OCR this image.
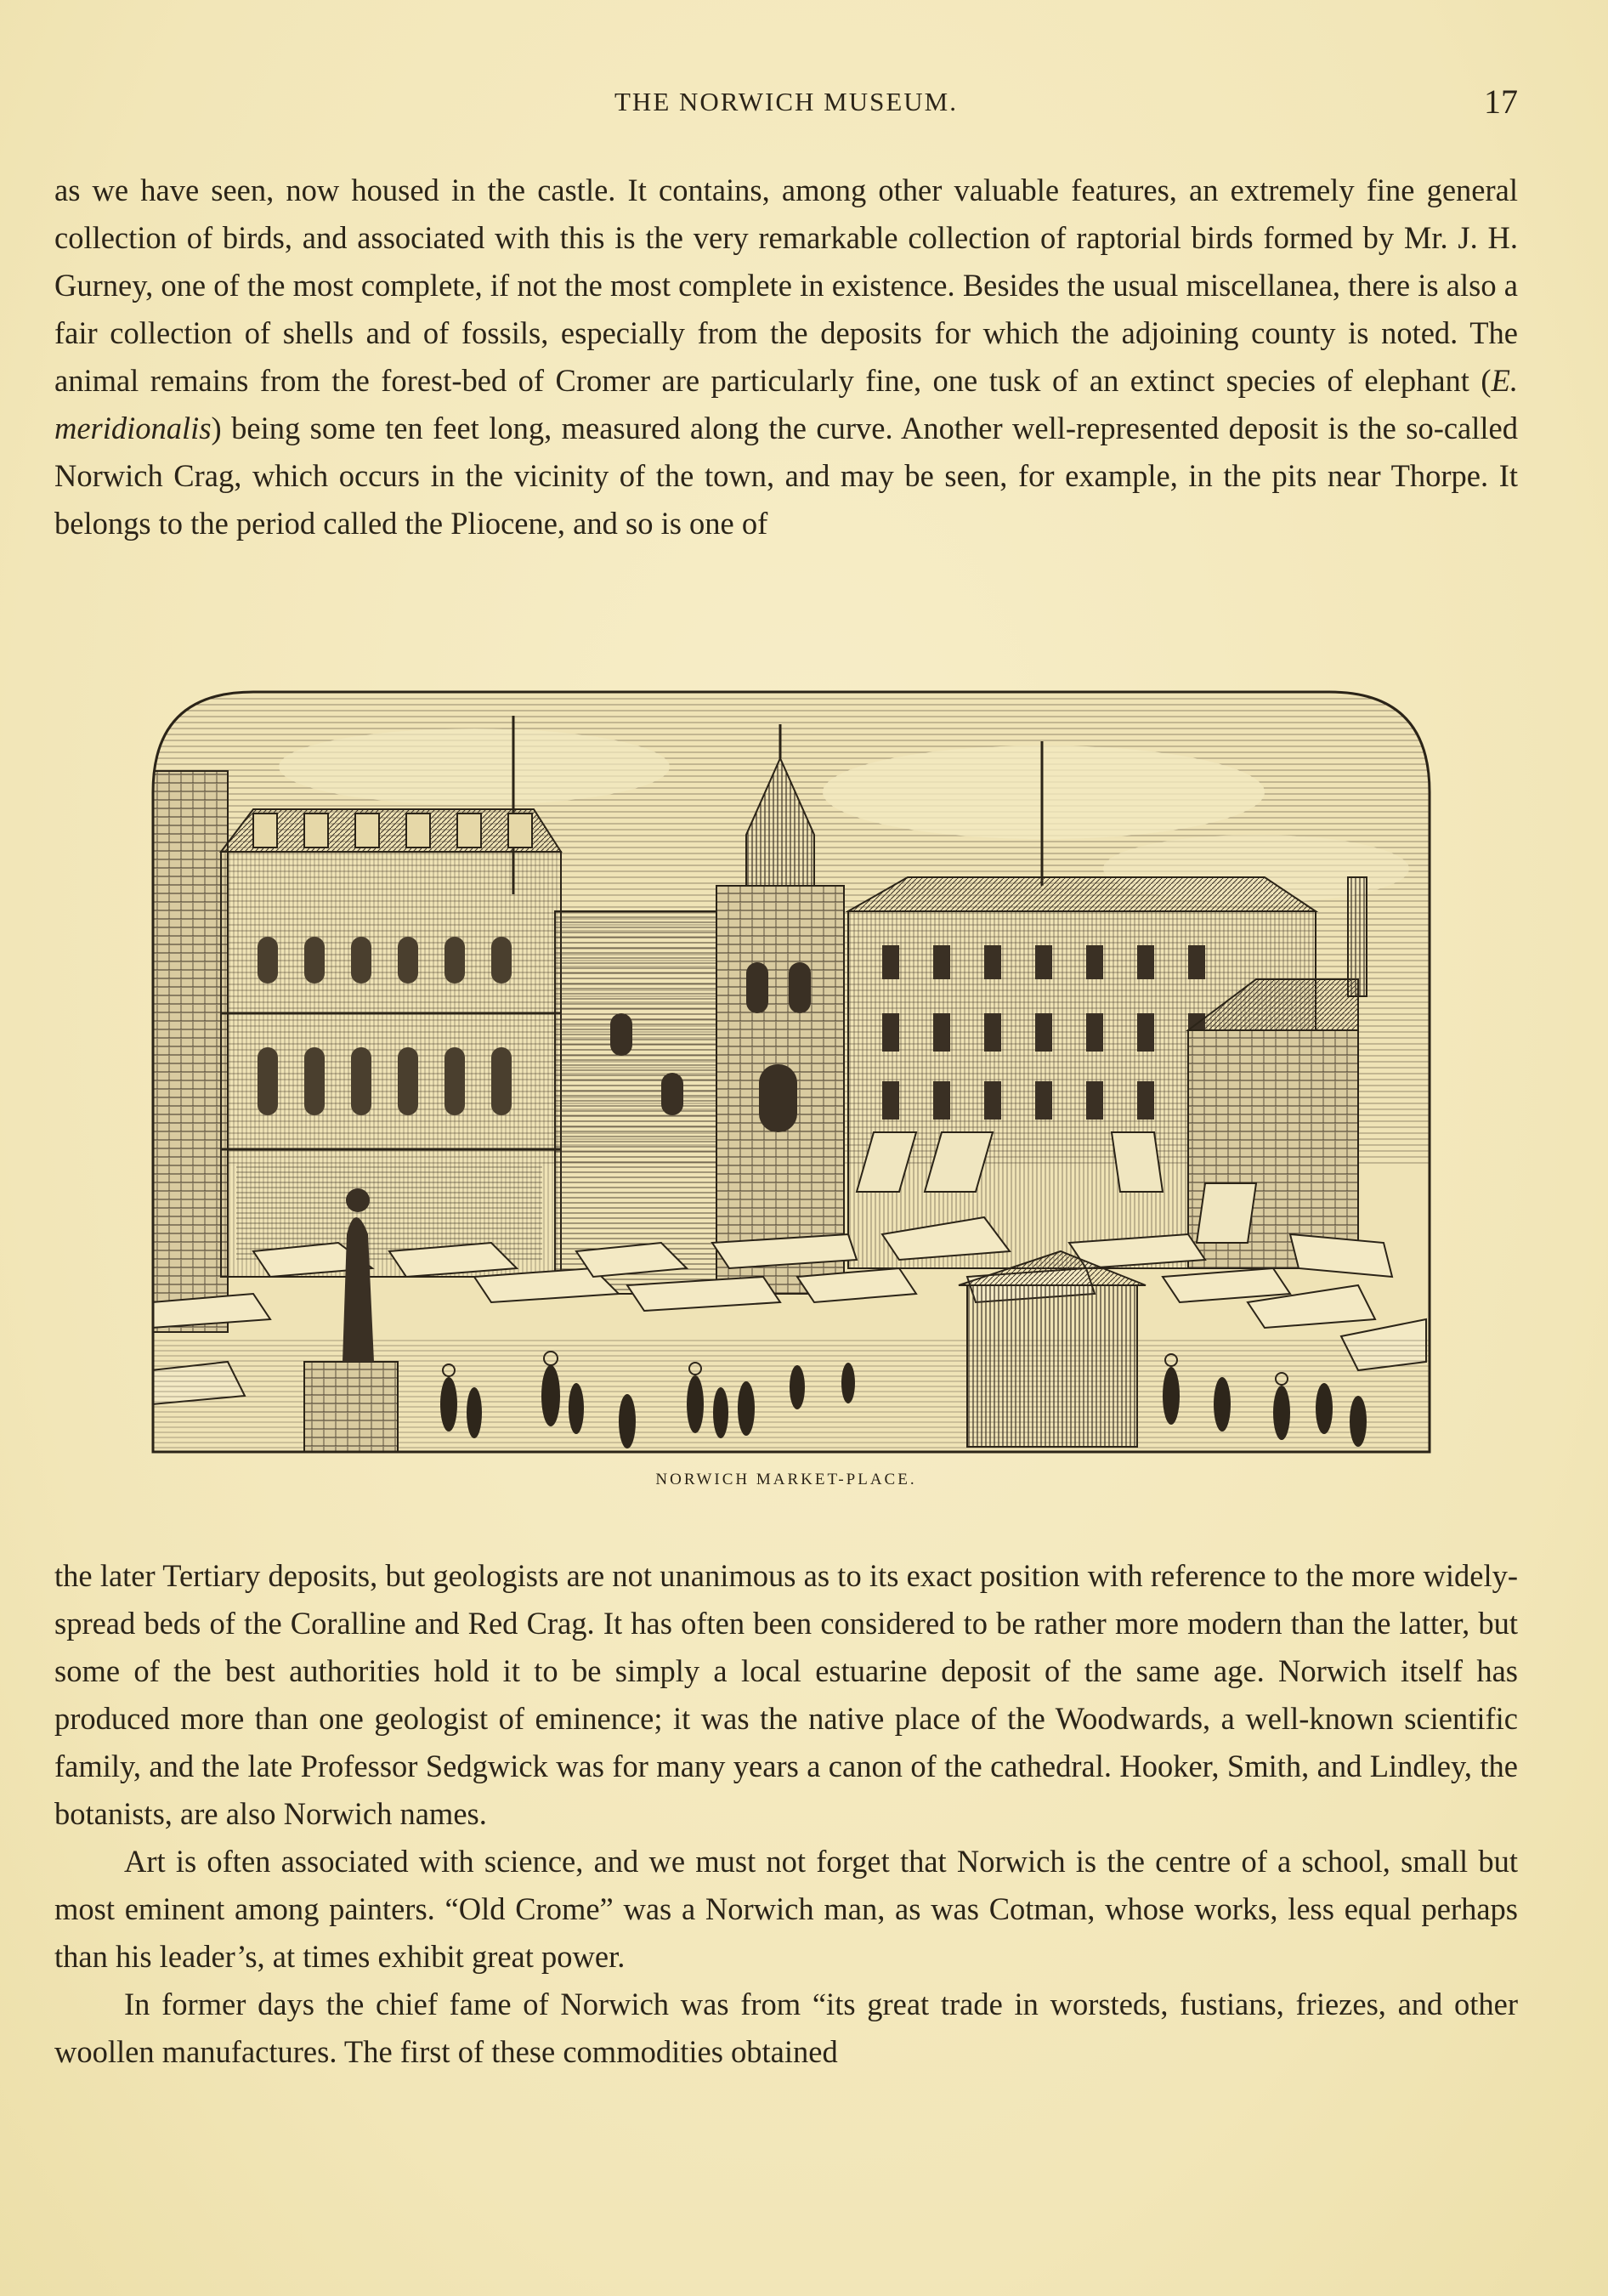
THE NORWICH MUSEUM.	17

as we have seen, now housed in the castle. It contains, among other valuable features, an extremely fine general collection of birds, and associated with this is the very remarkable collection of raptorial birds formed by Mr. J. H. Gurney, one of the most complete, if not the most complete in existence. Besides the usual miscellanea, there is also a fair collection of shells and of fossils, especially from the deposits for which the adjoining county is noted. The animal remains from the forest-bed of Cromer are particularly fine, one tusk of an extinct species of elephant (E. meridionalis) being some ten feet long, measured along the curve. Another well-represented deposit is the so-called Norwich Crag, which occurs in the vicinity of the town, and may be seen, for example, in the pits near Thorpe. It belongs to the period called the Pliocene, and so is one of

NORWICH MARKET-PLACE.

the later Tertiary deposits, but geologists are not unanimous as to its exact position with reference to the more widely-spread beds of the Coralline and Red Crag. It has often been considered to be rather more modern than the latter, but some of the best authorities hold it to be simply a local estuarine deposit of the same age. Norwich itself has produced more than one geologist of eminence; it was the native place of the Woodwards, a well-known scientific family, and the late Professor Sedgwick was for many years a canon of the cathedral. Hooker, Smith, and Lindley, the botanists, are also Norwich names.

Art is often associated with science, and we must not forget that Norwich is the centre of a school, small but most eminent among painters. “Old Crome” was a Norwich man, as was Cotman, whose works, less equal perhaps than his leader’s, at times exhibit great power.

In former days the chief fame of Norwich was from “its great trade in worsteds, fustians, friezes, and other woollen manufactures. The first of these commodities obtained
